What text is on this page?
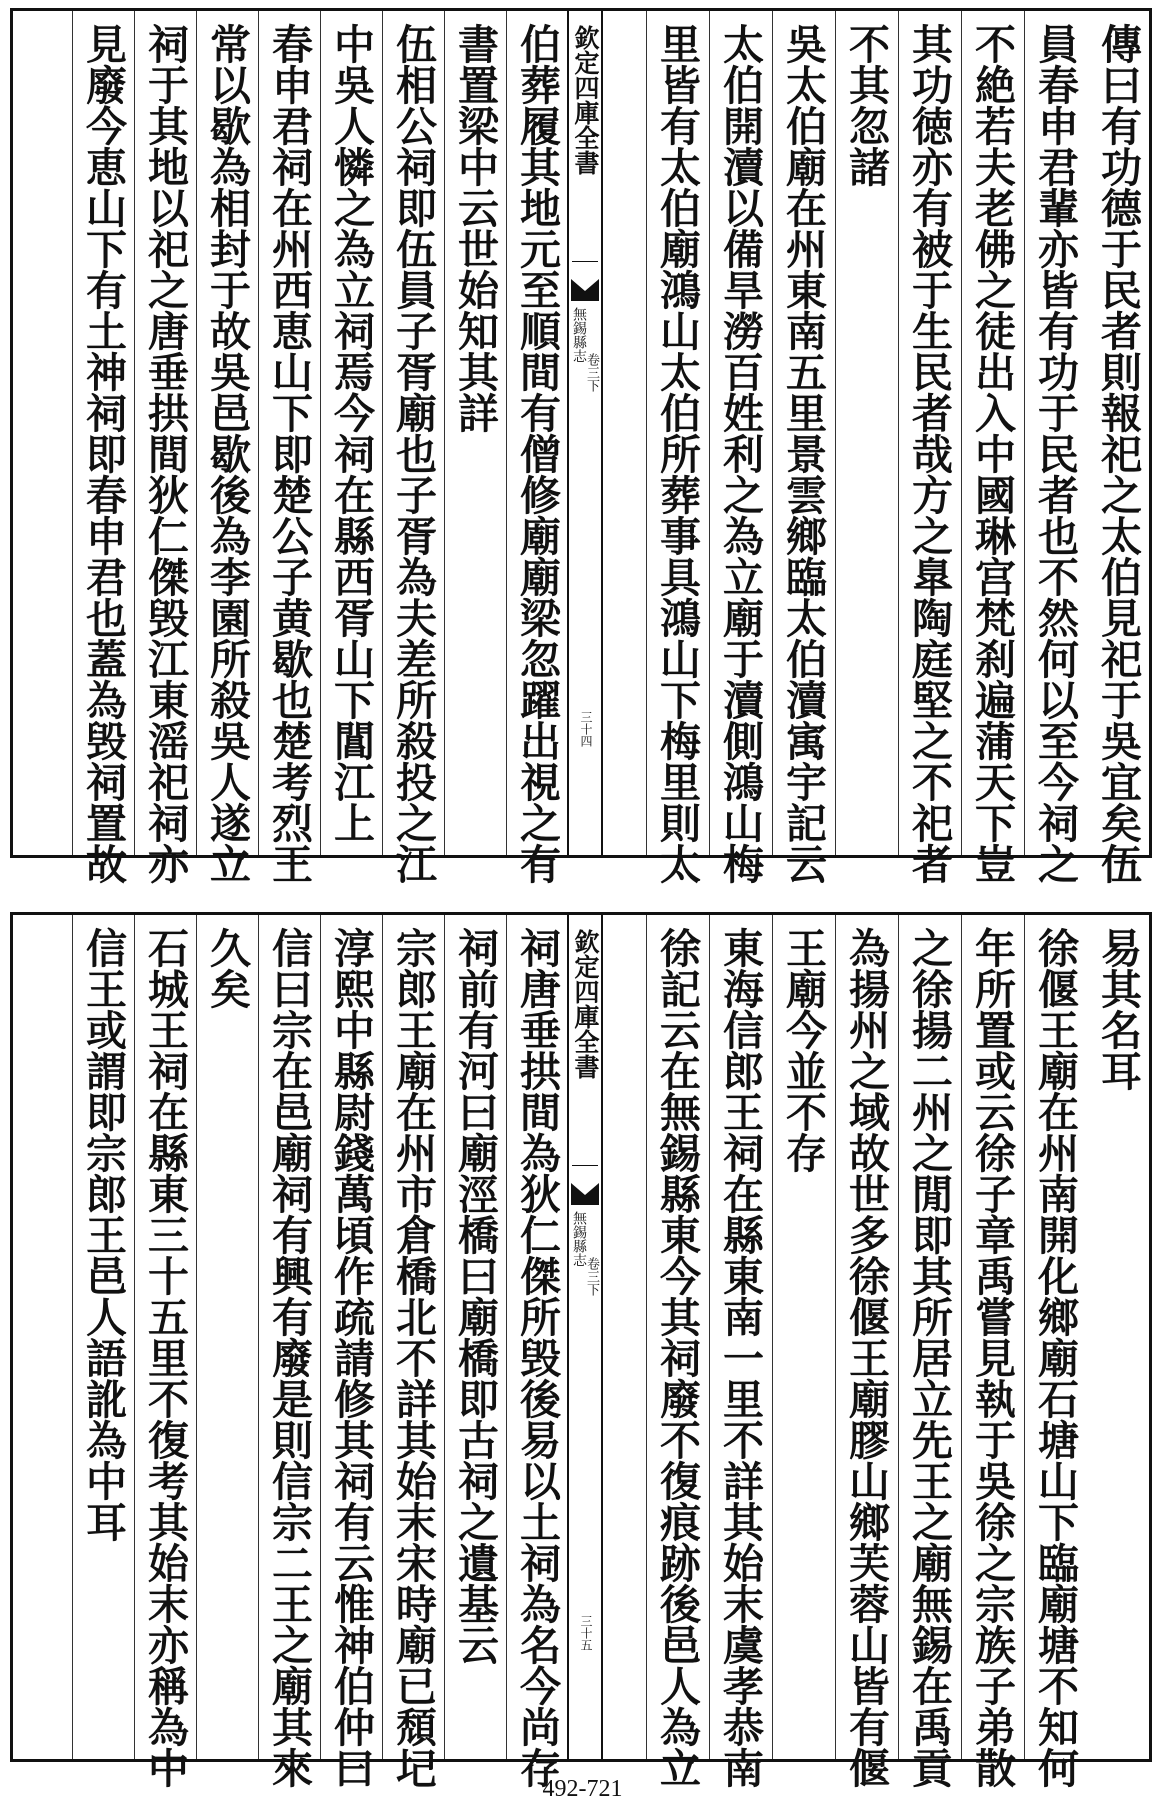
傳曰有功德于民者則報祀之太伯見祀于吳宜矣伍
員春申君輩亦皆有功于民者也不然何以至今祠之
不絶若夫老佛之徒出入中國琳宫梵刹遍蒲天下豈
其功徳亦有被于生民者哉方之臯陶庭堅之不祀者
不其忽諸
吳太伯廟在州東南五里景雲鄉臨太伯瀆㝢宇記云
太伯開瀆以備旱澇百姓利之為立廟于瀆側鴻山梅
里皆有太伯廟鴻山太伯所葬事具鴻山下梅里則太
欽定四庫全書
無錫縣志
卷三下
三十四
伯葬履其地元至順間有僧修廟廟梁忽躍出視之有
書置梁中云世始知其詳
伍相公祠即伍員子胥廟也子胥為夫差所殺投之江
中吳人憐之為立祠焉今祠在縣西胥山下閶江上
春申君祠在州西恵山下即楚公子黄歇也楚考烈王
常以歇為相封于故吳邑歇後為李園所殺吳人遂立
祠于其地以祀之唐垂拱間狄仁傑毁江東滛祀祠亦
見廢今恵山下有土神祠即春申君也蓋為毁祠置故
易其名耳
徐偃王廟在州南開化鄉廟石塘山下臨廟塘不知何
年所置或云徐子章禹嘗見執于吳徐之宗族子弟散
之徐揚二州之閒即其所居立先王之廟無錫在禹貢
為揚州之域故世多徐偃王廟膠山鄉芙蓉山皆有偃
王廟今並不存
東海信郎王祠在縣東南一里不詳其始末虞孝恭南
徐記云在無錫縣東今其祠廢不復痕跡後邑人為立
欽定四庫全書
無錫縣志
卷三下
三十五
祠唐垂拱間為狄仁傑所毁後易以土祠為名今尚存
祠前有河曰廟涇橋曰廟橋即古祠之遺基云
宗郎王廟在州市倉橋北不詳其始末宋時廟已頹圮
淳熙中縣尉錢萬頃作疏請修其祠有云惟神伯仲曰
信曰宗在邑廟祠有興有廢是則信宗二王之廟其來
久矣
石城王祠在縣東三十五里不復考其始末亦稱為中
信王或謂即宗郎王邑人語訛為中耳
492-721
